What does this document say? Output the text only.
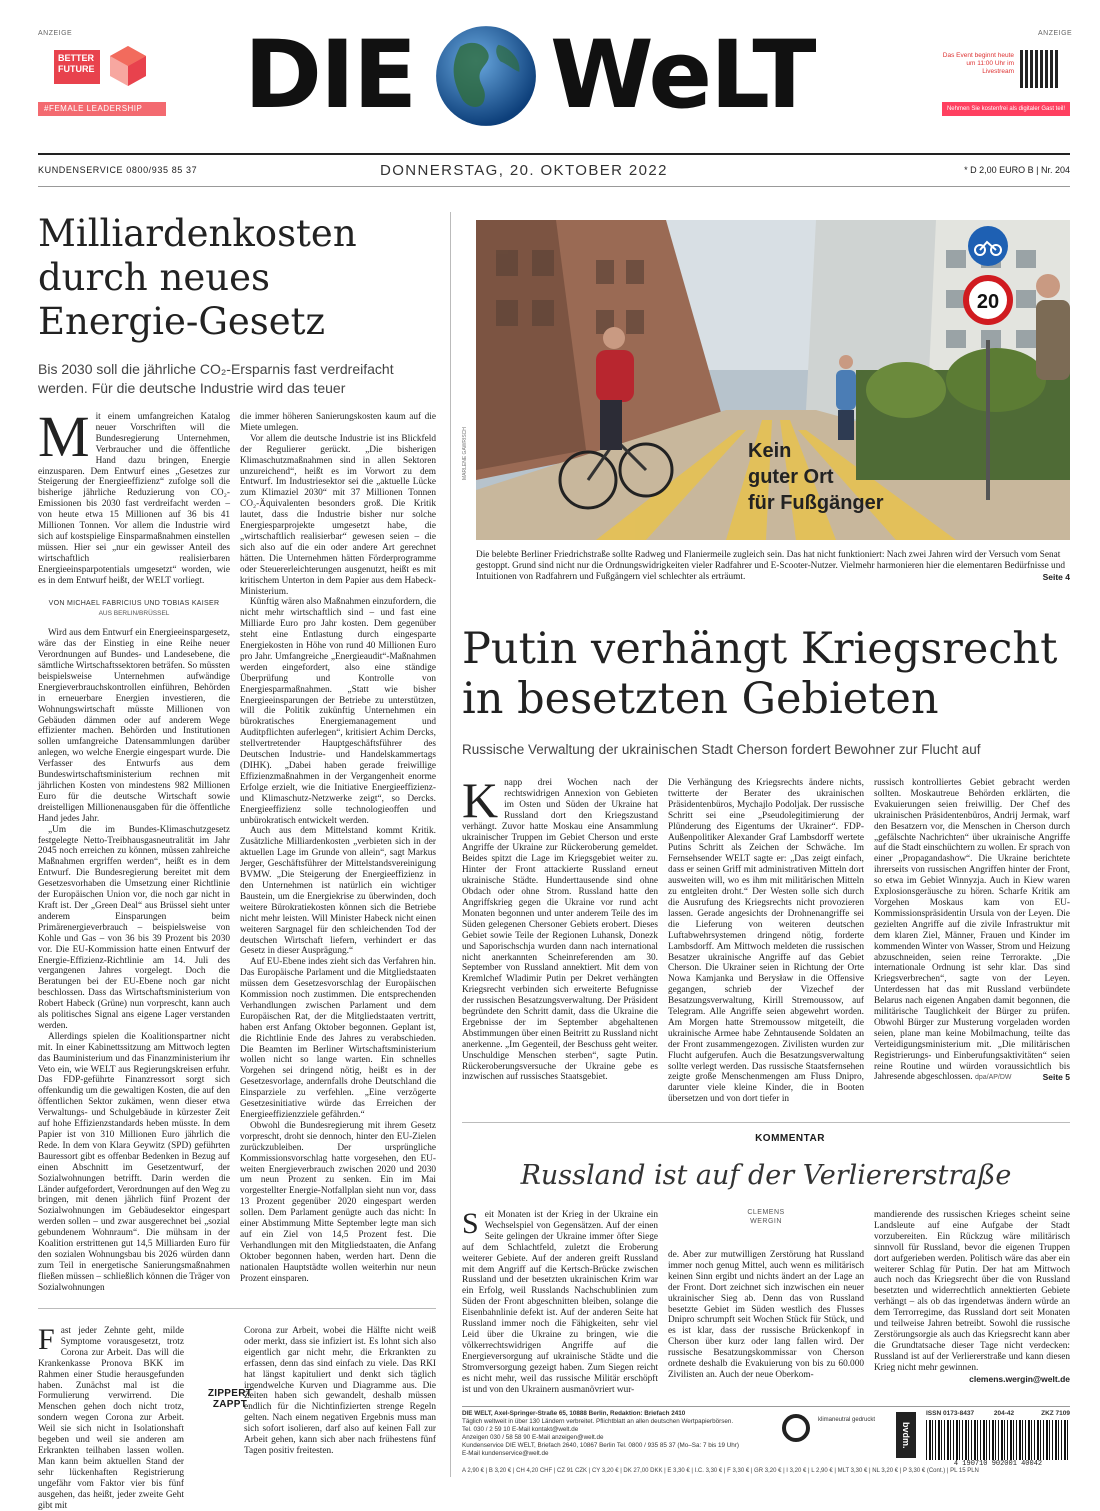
ANZEIGE
BETTER
FUTURE
#FEMALE LEADERSHIP DIE WeLT	ANZEIGE
Das Event beginnt heute um 11:00 Uhr im Livestream
Nehmen Sie kostenfrei als digitaler Gast teil!
KUNDENSERVICE 0800/935 85 37	DONNERSTAG, 20. OKTOBER 2022	* D 2,00 EURO B | Nr. 204
Milliardenkosten durch neues Energie-Gesetz
Bis 2030 soll die jährliche CO₂-Ersparnis fast verdreifacht werden. Für die deutsche Industrie wird das teuer
M it einem umfangreichen Katalog neuer Vorschriften will die Bundesregierung Unternehmen, Verbraucher und die öffentliche Hand dazu bringen, Energie einzusparen. Dem Entwurf eines „Gesetzes zur Steigerung der Energieeffizienz“ zufolge soll die bisherige jährliche Reduzierung von CO₂-Emissionen bis 2030 fast verdreifacht werden – von heute etwa 15 Millionen auf 36 bis 41 Millionen Tonnen. Vor allem die Industrie wird sich auf kostspielige Einsparmaßnahmen einstellen müssen. Hier sei „nur ein gewisser Anteil des wirtschaftlich realisierbaren Energieeinsparpotentials umgesetzt“ worden, wie es in dem Entwurf heißt, der WELT vorliegt.
VON MICHAEL FABRICIUS UND TOBIAS KAISER
AUS BERLIN/BRÜSSEL

Wird aus dem Entwurf ein Energieeinspargesetz, wäre das der Einstieg in eine Reihe neuer Verordnungen auf Bundes- und Landesebene, die sämtliche Wirtschaftssektoren beträfen. So müssten beispielsweise Unternehmen aufwändige Energieverbrauchskontrollen einführen, Behörden in erneuerbare Energien investieren, die Wohnungswirtschaft müsste Millionen von Gebäuden dämmen oder auf anderem Wege effizienter machen. Behörden und Institutionen sollen umfangreiche Datensammlungen darüber anlegen, wo welche Energie eingespart wurde. Die Verfasser des Entwurfs aus dem Bundeswirtschaftsministerium rechnen mit jährlichen Kosten von mindestens 982 Millionen Euro für die deutsche Wirtschaft sowie dreistelligen Millionenausgaben für die öffentliche Hand jedes Jahr.

„Um die im Bundes-Klimaschutzgesetz festgelegte Netto-Treibhausgasneutralität im Jahr 2045 noch erreichen zu können, müssen zahlreiche Maßnahmen ergriffen werden“, heißt es in dem Entwurf. Die Bundesregierung bereitet mit dem Gesetzesvorhaben die Umsetzung einer Richtlinie der Europäischen Union vor, die noch gar nicht in Kraft ist. Der „Green Deal“ aus Brüssel sieht unter anderem Einsparungen beim Primärenergieverbrauch – beispielsweise von Kohle und Gas – von 36 bis 39 Prozent bis 2030 vor. Die EU-Kommission hatte einen Entwurf der Energie-Effizienz-Richtlinie am 14. Juli des vergangenen Jahres vorgelegt. Doch die Beratungen bei der EU-Ebene noch gar nicht beschlossen. Dass das Wirtschaftsministerium von Robert Habeck (Grüne) nun vorprescht, kann auch als politisches Signal ans eigene Lager verstanden werden.

Allerdings spielen die Koalitionspartner nicht mit. In einer Kabinettssitzung am Mittwoch legten das Bauministerium und das Finanzministerium ihr Veto ein, wie WELT aus Regierungskreisen erfuhr. Das FDP-geführte Finanzressort sorgt sich offenkundig um die gewaltigen Kosten, die auf den öffentlichen Sektor zukämen, wenn dieser etwa Verwaltungs- und Schulgebäude in kürzester Zeit auf hohe Effizienzstandards heben müsste. In dem Papier ist von 310 Millionen Euro jährlich die Rede. In dem von Klara Geywitz (SPD) geführten Bauressort gibt es offenbar Bedenken in Bezug auf einen Abschnitt im Gesetzentwurf, der Sozialwohnungen betrifft. Darin werden die Länder aufgefordert, Verordnungen auf den Weg zu bringen, mit denen jährlich fünf Prozent der Sozialwohnungen im Gebäudesektor eingespart werden sollen – und zwar ausgerechnet bei „sozial gebundenem Wohnraum“. Die mühsam in der Koalition erstrittenen gut 14,5 Milliarden Euro für den sozialen Wohnungsbau bis 2026 würden dann zum Teil in energetische Sanierungsmaßnahmen fließen müssen – schließlich können die Träger von Sozialwohnungen

die immer höheren Sanierungskosten kaum auf die Miete umlegen.

Vor allem die deutsche Industrie ist ins Blickfeld der Regulierer gerückt. „Die bisherigen Klimaschutzmaßnahmen sind in allen Sektoren unzureichend“, heißt es im Vorwort zu dem Entwurf. Im Industriesektor sei die „aktuelle Lücke zum Klimaziel 2030“ mit 37 Millionen Tonnen CO₂-Äquivalenten besonders groß. Die Kritik lautet, dass die Industrie bisher nur solche Energiesparprojekte umgesetzt habe, die „wirtschaftlich realisierbar“ gewesen seien – die sich also auf die ein oder andere Art gerechnet hätten. Die Unternehmen hätten Förderprogramme oder Steuererleichterungen ausgenutzt, heißt es mit kritischem Unterton in dem Papier aus dem Habeck-Ministerium.

Künftig wären also Maßnahmen einzufordern, die nicht mehr wirtschaftlich sind – und fast eine Milliarde Euro pro Jahr kosten. Dem gegenüber steht eine Entlastung durch eingesparte Energiekosten in Höhe von rund 40 Millionen Euro pro Jahr. Umfangreiche „Energieaudit“-Maßnahmen werden eingefordert, also eine ständige Überprüfung und Kontrolle von Energiesparmaßnahmen. „Statt wie bisher Energieeinsparungen der Betriebe zu unterstützen, will die Politik zukünftig Unternehmen ein bürokratisches Energiemanagement und Auditpflichten auferlegen“, kritisiert Achim Dercks, stellvertretender Hauptgeschäftsführer des Deutschen Industrie- und Handelskammertags (DIHK). „Dabei haben gerade freiwillige Effizienzmaßnahmen in der Vergangenheit enorme Erfolge erzielt, wie die Initiative Energieeffizienz- und Klimaschutz-Netzwerke zeigt“, so Dercks. Energieeffizienz solle technologieoffen und unbürokratisch entwickelt werden.

Auch aus dem Mittelstand kommt Kritik. Zusätzliche Milliardenkosten „verbieten sich in der aktuellen Lage im Grunde von allein“, sagt Markus Jerger, Geschäftsführer der Mittelstandsvereinigung BVMW. „Die Steigerung der Energieeffizienz in den Unternehmen ist natürlich ein wichtiger Baustein, um die Energiekrise zu überwinden, doch weitere Bürokratiekosten können sich die Betriebe nicht mehr leisten. Will Minister Habeck nicht einen weiteren Sargnagel für den schleichenden Tod der deutschen Wirtschaft liefern, verhindert er das Gesetz in dieser Ausprägung.“

Auf EU-Ebene indes zieht sich das Verfahren hin. Das Europäische Parlament und die Mitgliedstaaten müssen dem Gesetzesvorschlag der Europäischen Kommission noch zustimmen. Die entsprechenden Verhandlungen zwischen Parlament und dem Europäischen Rat, der die Mitgliedstaaten vertritt, haben erst Anfang Oktober begonnen. Geplant ist, die Richtlinie Ende des Jahres zu verabschieden. Die Beamten im Berliner Wirtschaftsministerium wollen nicht so lange warten. Ein schnelles Vorgehen sei dringend nötig, heißt es in der Gesetzesvorlage, andernfalls drohe Deutschland die Einsparziele zu verfehlen. „Eine verzögerte Gesetzesinitiative würde das Erreichen der Energieeffizienzziele gefährden.“

Obwohl die Bundesregierung mit ihrem Gesetz vorprescht, droht sie dennoch, hinter den EU-Zielen zurückzubleiben. Der ursprüngliche Kommissionsvorschlag hatte vorgesehen, den EU-weiten Energieverbrauch zwischen 2020 und 2030 um neun Prozent zu senken. Ein im Mai vorgestellter Energie-Notfallplan sieht nun vor, dass 13 Prozent gegenüber 2020 eingespart werden sollen. Dem Parlament genügte auch das nicht: In einer Abstimmung Mitte September legte man sich auf ein Ziel von 14,5 Prozent fest. Die Verhandlungen mit den Mitgliedstaaten, die Anfang Oktober begonnen haben, werden hart. Denn die nationalen Hauptstädte wollen weiterhin nur neun Prozent einsparen.

F ast jeder Zehnte geht, milde Symptome vorausgesetzt, trotz Corona zur Arbeit. Das will die Krankenkasse Pronova BKK im Rahmen einer Studie herausgefunden haben. Zunächst mal ist die Formulierung verwirrend. Die Menschen gehen doch nicht trotz, sondern wegen Corona zur Arbeit. Weil sie sich nicht in Isolationshaft begeben und weil sie anderen am Erkrankten teilhaben lassen wollen. Man kann beim aktuellen Stand der sehr lückenhaften Registrierung ungefähr vom Faktor vier bis fünf ausgehen, das heißt, jeder zweite Geht gibt mit
ZIPPERT ZAPPT
Corona zur Arbeit, wobei die Hälfte nicht weiß oder merkt, dass sie infiziert ist. Es lohnt sich also eigentlich gar nicht mehr, die Erkrankten zu erfassen, denn das sind einfach zu viele. Das RKI hat längst kapituliert und denkt sich täglich irgendwelche Kurven und Diagramme aus. Die Zeiten haben sich gewandelt, deshalb müssen endlich für die Nichtinfizierten strenge Regeln gelten. Nach einem negativen Ergebnis muss man sich sofort isolieren, darf also auf keinen Fall zur Arbeit gehen, kann sich aber nach frühestens fünf Tagen positiv freitesten.
20
Kein
guter Ort
für Fußgänger
MARLENE GAWRISCH
Die belebte Berliner Friedrichstraße sollte Radweg und Flaniermeile zugleich sein. Das hat nicht funktioniert: Nach zwei Jahren wird der Versuch vom Senat gestoppt. Grund sind nicht nur die Ordnungswidrigkeiten vieler Radfahrer und E-Scooter-Nutzer. Vielmehr harmonieren hier die elementaren Bedürfnisse und Intuitionen von Radfahrern und Fußgängern viel schlechter als erträumt.	Seite 4
Putin verhängt Kriegsrecht in besetzten Gebieten
Russische Verwaltung der ukrainischen Stadt Cherson fordert Bewohner zur Flucht auf
K napp drei Wochen nach der rechtswidrigen Annexion von Gebieten im Osten und Süden der Ukraine hat Russland dort den Kriegszustand verhängt. Zuvor hatte Moskau eine Ansammlung ukrainischer Truppen im Gebiet Cherson und erste Angriffe der Ukraine zur Rückeroberung gemeldet. Beides spitzt die Lage im Kriegsgebiet weiter zu. Hinter der Front attackierte Russland erneut ukrainische Städte. Hunderttausende sind ohne Obdach oder ohne Strom. Russland hatte den Angriffskrieg gegen die Ukraine vor rund acht Monaten begonnen und unter anderem Teile des im Süden gelegenen Chersoner Gebiets erobert. Dieses Gebiet sowie Teile der Regionen Luhansk, Donezk und Saporischschja wurden dann nach international nicht anerkannten Scheinreferenden am 30. September von Russland annektiert. Mit dem von Kremlchef Wladimir Putin per Dekret verhängten Kriegsrecht verbinden sich erweiterte Befugnisse der russischen Besatzungsverwaltung. Der Präsident begründete den Schritt damit, dass die Ukraine die Ergebnisse der im September abgehaltenen Abstimmungen über einen Beitritt zu Russland nicht anerkenne. „Im Gegenteil, der Beschuss geht weiter. Unschuldige Menschen sterben“, sagte Putin. Rückeroberungsversuche der Ukraine gebe es inzwischen auf russisches Staatsgebiet.
Die Verhängung des Kriegsrechts ändere nichts, twitterte der Berater des ukrainischen Präsidentenbüros, Mychajlo Podoljak. Der russische Schritt sei eine „Pseudolegitimierung der Plünderung des Eigentums der Ukrainer“. FDP-Außenpolitiker Alexander Graf Lambsdorff wertete Putins Schritt als Zeichen der Schwäche. Im Fernsehsender WELT sagte er: „Das zeigt einfach, dass er seinen Griff mit administrativen Mitteln dort ausweiten will, wo es ihm mit militärischen Mitteln zu entgleiten droht.“ Der Westen solle sich durch die Ausrufung des Kriegsrechts nicht provozieren lassen. Gerade angesichts der Drohnenangriffe sei die Lieferung von weiteren deutschen Luftabwehrsystemen dringend nötig, forderte Lambsdorff. Am Mittwoch meldeten die russischen Besatzer ukrainische Angriffe auf das Gebiet Cherson. Die Ukrainer seien in Richtung der Orte Nowa Kamjanka und Berysław in die Offensive gegangen, schrieb der Vizechef der Besatzungsverwaltung, Kirill Stremoussow, auf Telegram. Alle Angriffe seien abgewehrt worden. Am Morgen hatte Stremoussow mitgeteilt, die ukrainische Armee habe Zehntausende Soldaten an der Front zusammengezogen. Zivilisten wurden zur Flucht aufgerufen. Auch die Besatzungsverwaltung sollte verlegt werden. Das russische Staatsfernsehen zeigte große Menschenmengen am Fluss Dnipro, darunter viele kleine Kinder, die in Booten übersetzen und von dort tiefer in
russisch kontrolliertes Gebiet gebracht werden sollten. Moskautreue Behörden erklärten, die Evakuierungen seien freiwillig. Der Chef des ukrainischen Präsidentenbüros, Andrij Jermak, warf den Besatzern vor, die Menschen in Cherson durch „gefälschte Nachrichten“ über ukrainische Angriffe auf die Stadt einschüchtern zu wollen. Er sprach von einer „Propagandashow“. Die Ukraine berichtete ihrerseits von russischen Angriffen hinter der Front, so etwa im Gebiet Winnyzja. Auch in Kiew waren Explosionsgeräusche zu hören. Scharfe Kritik am Vorgehen Moskaus kam von EU-Kommissionspräsidentin Ursula von der Leyen. Die gezielten Angriffe auf die zivile Infrastruktur mit dem klaren Ziel, Männer, Frauen und Kinder im kommenden Winter von Wasser, Strom und Heizung abzuschneiden, seien reine Terrorakte. „Die internationale Ordnung ist sehr klar. Das sind Kriegsverbrechen“, sagte von der Leyen. Unterdessen hat das mit Russland verbündete Belarus nach eigenen Angaben damit begonnen, die militärische Tauglichkeit der Bürger zu prüfen. Obwohl Bürger zur Musterung vorgeladen worden seien, plane man keine Mobilmachung, teilte das Verteidigungsministerium mit. „Die militärischen Registrierungs- und Einberufungsaktivitäten“ seien reine Routine und würden voraussichtlich bis Jahresende abgeschlossen. dpa/AP/DW	Seite 5
KOMMENTAR
Russland ist auf der Verliererstraße
S eit Monaten ist der Krieg in der Ukraine ein Wechselspiel von Gegensätzen. Auf der einen Seite gelingen der Ukraine immer öfter Siege auf dem Schlachtfeld, zuletzt die Eroberung weiterer Gebiete. Auf der anderen greift Russland mit dem Angriff auf die Kertsch-Brücke zwischen Russland und der besetzten ukrainischen Krim war ein Erfolg, weil Russlands Nachschublinien zum Süden der Front abgeschnitten bleiben, solange die Eisenbahnlinie defekt ist. Auf der anderen Seite hat Russland immer noch die Fähigkeiten, sehr viel Leid über die Ukraine zu bringen, wie die völkerrechtswidrigen Angriffe auf die Energieversorgung auf ukrainische Städte und die Stromversorgung gezeigt haben. Zum Siegen reicht es nicht mehr, weil das russische Militär erschöpft ist und von den Ukrainern ausmanövriert wur-
CLEMENS
WERGIN
de. Aber zur mutwilligen Zerstörung hat Russland immer noch genug Mittel, auch wenn es militärisch keinen Sinn ergibt und nichts ändert an der Lage an der Front. Dort zeichnet sich inzwischen ein neuer ukrainischer Sieg ab. Denn das von Russland besetzte Gebiet im Süden westlich des Flusses Dnipro schrumpft seit Wochen Stück für Stück, und es ist klar, dass der russische Brückenkopf in Cherson über kurz oder lang fallen wird. Der russische Besatzungskommissar von Cherson ordnete deshalb die Evakuierung von bis zu 60.000 Zivilisten an. Auch der neue Oberkom-
mandierende des russischen Krieges scheint seine Landsleute auf eine Aufgabe der Stadt vorzubereiten. Ein Rückzug wäre militärisch sinnvoll für Russland, bevor die eigenen Truppen dort aufgerieben werden. Politisch wäre das aber ein weiterer Schlag für Putin. Der hat am Mittwoch auch noch das Kriegsrecht über die von Russland besetzten und widerrechtlich annektierten Gebiete verhängt – als ob das irgendetwas ändern würde an dem Terrorregime, das Russland dort seit Monaten und teilweise Jahren betreibt. Sowohl die russische Zerstörungsorgie als auch das Kriegsrecht kann aber die Grundtatsache dieser Tage nicht verdecken: Russland ist auf der Verliererstraße und kann diesen Krieg nicht mehr gewinnen.
clemens.wergin@welt.de
DIE WELT, Axel-Springer-Straße 65, 10888 Berlin, Redaktion: Briefach 2410
Täglich weltweit in über 130 Ländern verbreitet. Pflichtblatt an allen deutschen Wertpapierbörsen.
Tel. 030 / 2 59 10 E-Mail kontakt@welt.de
Anzeigen 030 / 58 58 90 E-Mail anzeigen@welt.de
Kundenservice DIE WELT, Briefach 2640, 10867 Berlin Tel. 0800 / 935 85 37 (Mo–Sa: 7 bis 19 Uhr)
E-Mail kundenservice@welt.de
klimaneutral gedruckt
bvdm.
ISSN 0173-8437	204-42	ZKZ 7109
4 190710 902001 40042
A 2,90 € | B 3,20 € | CH 4,20 CHF | CZ 91 CZK | CY 3,20 € | DK 27,00 DKK | E 3,30 € | I.C. 3,30 € | F 3,30 € | GR 3,20 € | I 3,20 € | L 2,90 € | MLT 3,30 € | NL 3,20 € | P 3,30 € (Cont.) | PL 15 PLN
